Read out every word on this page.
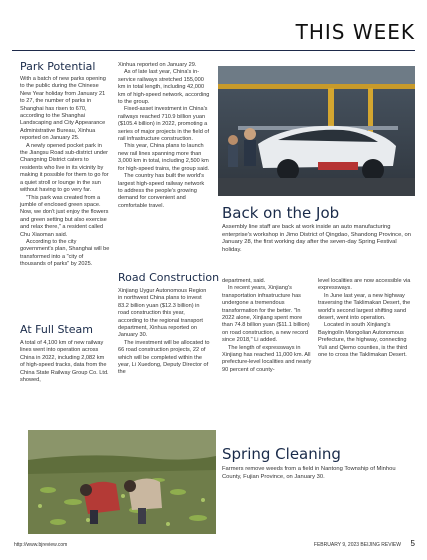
THIS WEEK
Park Potential

With a batch of new parks opening to the public during the Chinese New Year holiday from January 21 to 27, the number of parks in Shanghai has risen to 670, according to the Shanghai Landscaping and City Appearance Administrative Bureau, Xinhua reported on January 25.

A newly opened pocket park in the Jiangsu Road sub-district under Changning District caters to residents who live in its vicinity by making it possible for them to go for a quiet stroll or lounge in the sun without having to go very far.

"This park was created from a jumble of enclosed green space. Now, we don't just enjoy the flowers and green setting but also exercise and relax there," a resident called Chu Xiaoman said.

According to the city government's plan, Shanghai will be transformed into a "city of thousands of parks" by 2025.

At Full Steam

A total of 4,100 km of new railway lines went into operation across China in 2022, including 2,082 km of high-speed tracks, data from the China State Railway Group Co. Ltd. showed,

Xinhua reported on January 29.

As of late last year, China's in-service railways stretched 155,000 km in total length, including 42,000 km of high-speed network, according to the group.

Fixed-asset investment in China's railways reached 710.9 billion yuan ($105.4 billion) in 2022, promoting a series of major projects in the field of rail infrastructure construction.

This year, China plans to launch new rail lines spanning more than 3,000 km in total, including 2,500 km for high-speed trains, the group said.

The country has built the world's largest high-speed railway network to address the people's growing demand for convenient and comfortable travel.

Road Construction

Xinjiang Uygur Autonomous Region in northwest China plans to invest 83.2 billion yuan ($12.3 billion) in road construction this year, according to the regional transport department, Xinhua reported on January 30.

The investment will be allocated to 66 road construction projects, 22 of which will be completed within the year, Li Xuedong, Deputy Director of the

Back on the Job
Assembly line staff are back at work inside an auto manufacturing enterprise's workshop in Jimo District of Qingdao, Shandong Province, on January 28, the first working day after the seven-day Spring Festival holiday.

department, said.

In recent years, Xinjiang's transportation infrastructure has undergone a tremendous transformation for the better. "In 2022 alone, Xinjiang spent more than 74.8 billion yuan ($11.1 billion) on road construction, a new record since 2018," Li added.

The length of expressways in Xinjiang has reached 11,000 km. All prefecture-level localities and nearly 90 percent of county-

level localities are now accessible via expressways.

In June last year, a new highway traversing the Taklimakan Desert, the world's second largest shifting sand desert, went into operation.

Located in south Xinjiang's Bayingolin Mongolian Autonomous Prefecture, the highway, connecting Yuli and Qiemo counties, is the third one to cross the Taklimakan Desert.

Spring Cleaning
Farmers remove weeds from a field in Nantong Township of Minhou County, Fujian Province, on January 30.
http://www.bjreview.com	FEBRUARY 9, 2023 BEIJING REVIEW 5
